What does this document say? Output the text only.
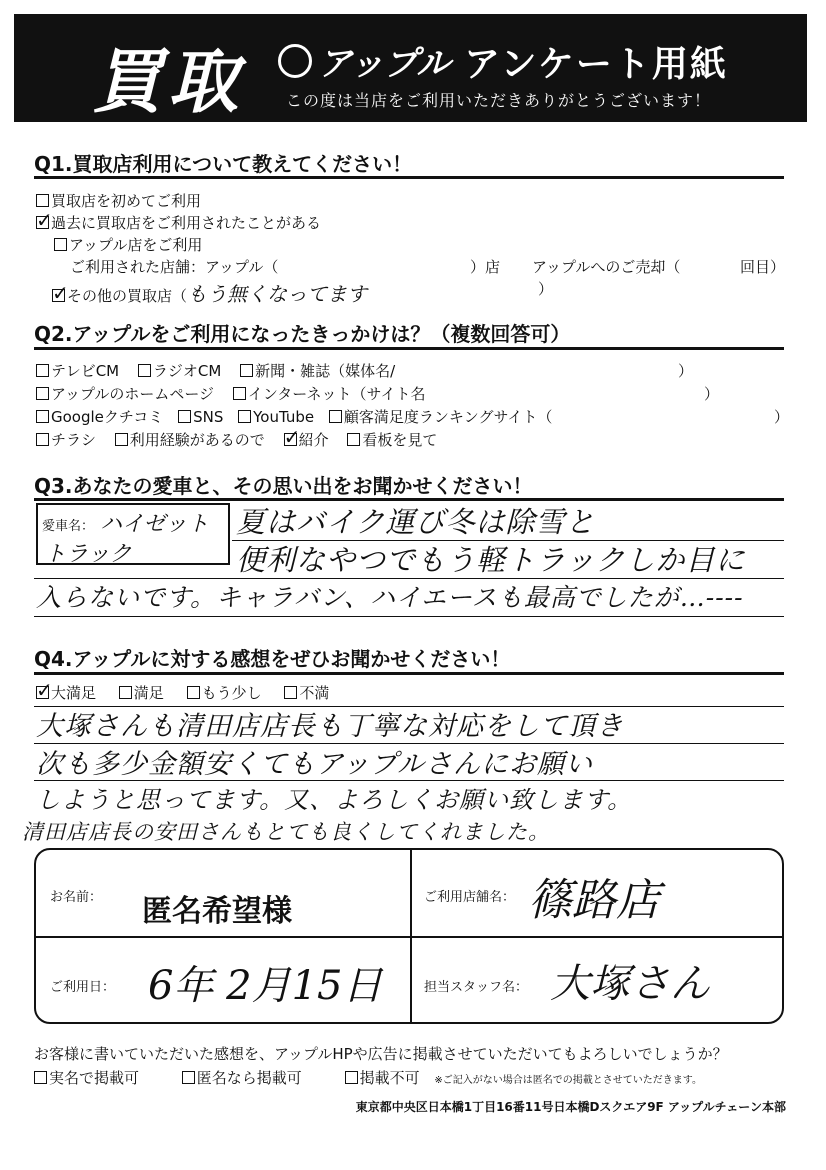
買取 アップル アンケート用紙
この度は当店をご利用いただきありがとうございます！
Q1.買取店利用について教えてください！
買取店を初めてご利用
✓過去に買取店をご利用されたことがある
アップル店をご利用
ご利用された店舗：アップル（	）店 アップルへのご売却（	回目）
✓その他の買取店（もう無くなってます	）
Q2.アップルをご利用になったきっかけは？（複数回答可）
テレビCM ラジオCM 新聞・雑誌（媒体名/	）
アップルのホームページ インターネット（サイト名	）
Googleクチコミ SNS YouTube 顧客満足度ランキングサイト（	）
チラシ 利用経験があるので ✓ 紹介 看板を見て
Q3.あなたの愛車と、その思い出をお聞かせください！
愛車名： ハイゼット
トラック
夏はバイク運び冬は除雪と
便利なやつでもう軽トラックしか目に
入らないです。キャラバン、ハイエースも最高でしたが…----
Q4.アップルに対する感想をぜひお聞かせください！
✓大満足	満足	もう少し	不満
大塚さんも清田店店長も丁寧な対応をして頂き
次も多少金額安くてもアップルさんにお願い
しようと思ってます。又、よろしくお願い致します。
清田店店長の安田さんもとても良くしてくれました。
お名前： 匿名希望様	ご利用店舗名： 篠路店
ご利用日： 6年 2月15日	担当スタッフ名： 大塚さん
お客様に書いていただいた感想を、アップルHPや広告に掲載させていただいてもよろしいでしょうか？
実名で掲載可	匿名なら掲載可	掲載不可 ※ご記入がない場合は匿名での掲載とさせていただきます。
東京都中央区日本橋1丁目16番11号日本橋Dスクエア9F アップルチェーン本部
